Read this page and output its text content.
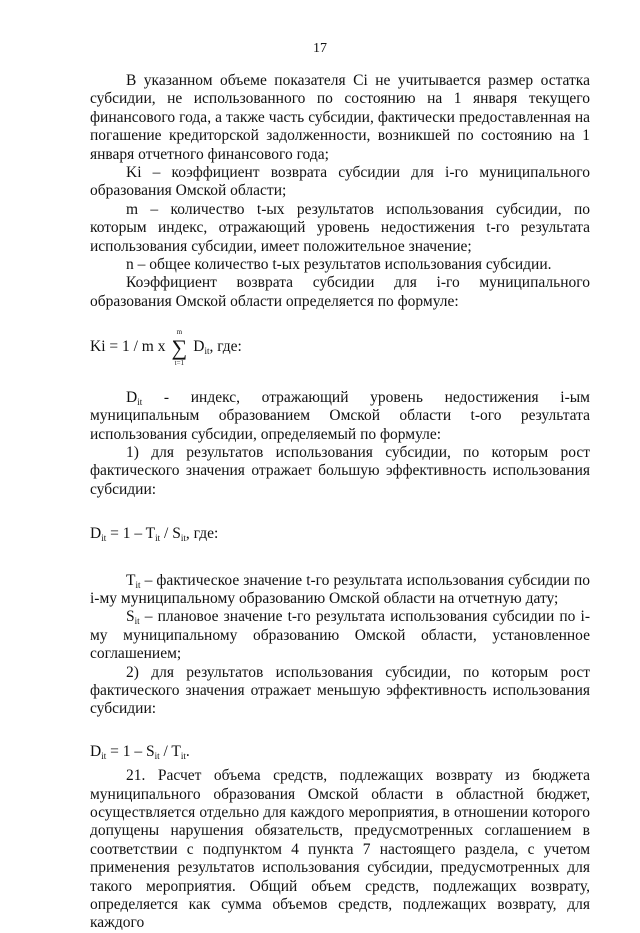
17

В указанном объеме показателя Ci не учитывается размер остатка субсидии, не использованного по состоянию на 1 января текущего финансового года, а также часть субсидии, фактически предоставленная на погашение кредиторской задолженности, возникшей по состоянию на 1 января отчетного финансового года;

Ki – коэффициент возврата субсидии для i-го муниципального образования Омской области;

m – количество t-ых результатов использования субсидии, по которым индекс, отражающий уровень недостижения t-го результата использования субсидии, имеет положительное значение;

n – общее количество t-ых результатов использования субсидии.

Коэффициент возврата субсидии для i-го муниципального образования Омской области определяется по формуле:

Ki = 1 / m x
m
∑
t=1
$D_{it}$, где:

$D_{it}$ - индекс, отражающий уровень недостижения i-ым муниципальным образованием Омской области t-ого результата использования субсидии, определяемый по формуле:

1) для результатов использования субсидии, по которым рост фактического значения отражает большую эффективность использования субсидии:

$D_{it} = 1 - T_{it} / S_{it}$, где:

$T_{it}$ – фактическое значение t-го результата использования субсидии по i-му муниципальному образованию Омской области на отчетную дату;

$S_{it}$ – плановое значение t-го результата использования субсидии по i-му муниципальному образованию Омской области, установленное соглашением;

2) для результатов использования субсидии, по которым рост фактического значения отражает меньшую эффективность использования субсидии:

$D_{it} = 1 - S_{it} / T_{it}$.

21. Расчет объема средств, подлежащих возврату из бюджета муниципального образования Омской области в областной бюджет, осуществляется отдельно для каждого мероприятия, в отношении которого допущены нарушения обязательств, предусмотренных соглашением в соответствии с подпунктом 4 пункта 7 настоящего раздела, с учетом применения результатов использования субсидии, предусмотренных для такого мероприятия. Общий объем средств, подлежащих возврату, определяется как сумма объемов средств, подлежащих возврату, для каждого
